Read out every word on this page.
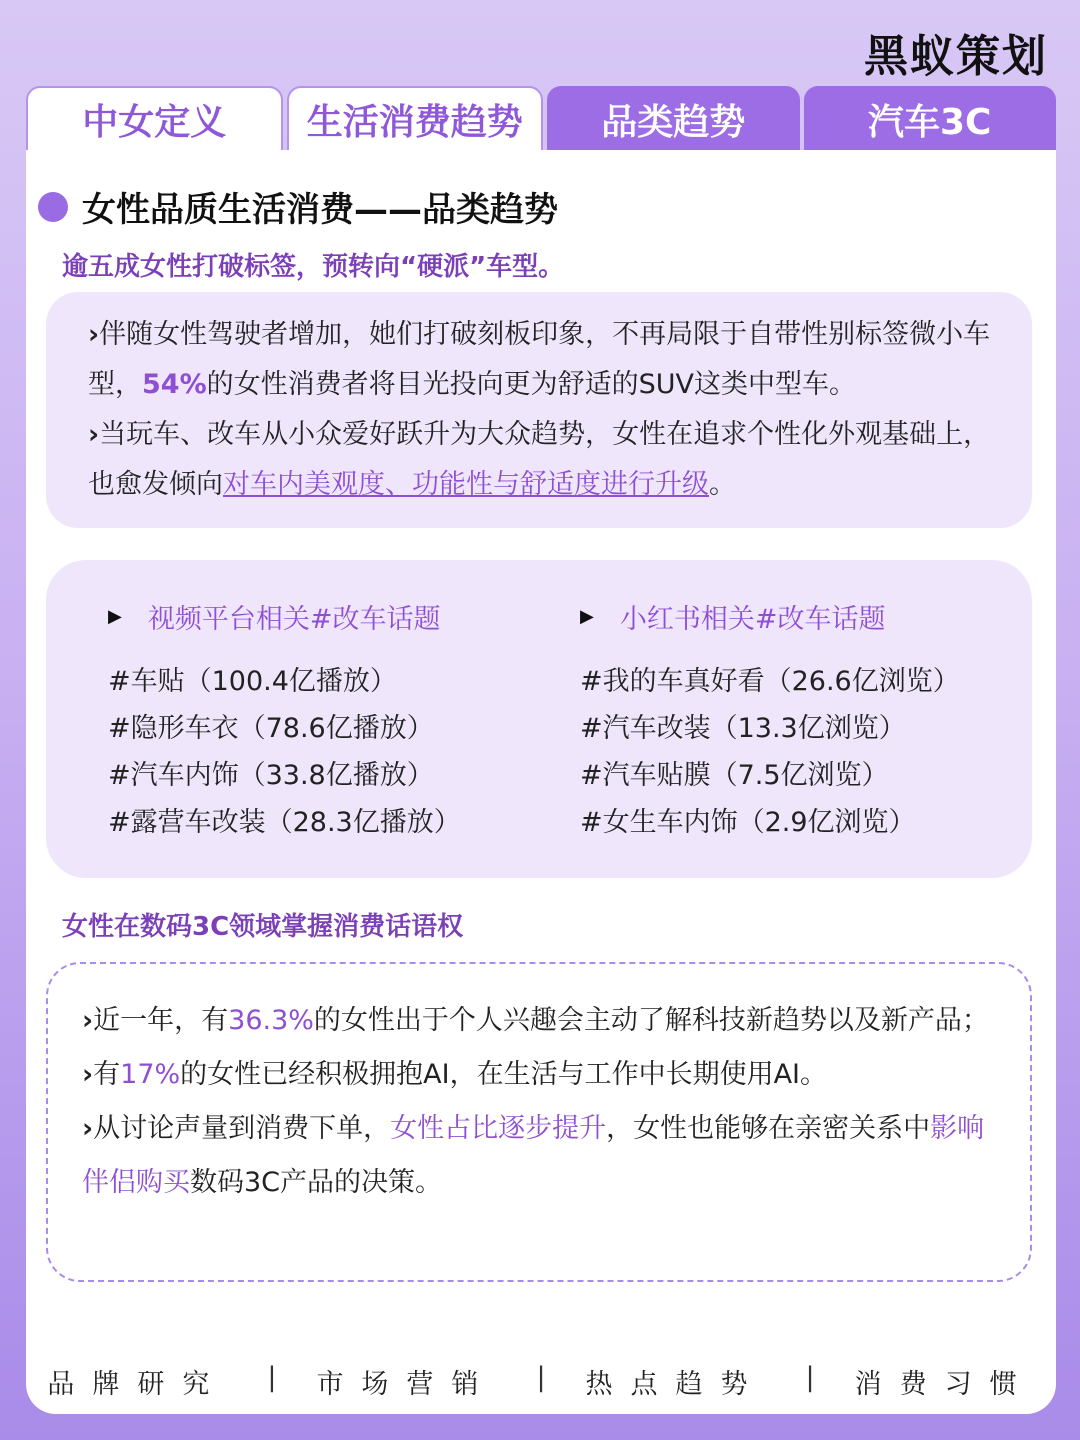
黑蚁策划
中女定义	生活消费趋势	品类趋势	汽车3C
女性品质生活消费——品类趋势
逾五成女性打破标签，预转向“硬派”车型。
›伴随女性驾驶者增加，她们打破刻板印象，不再局限于自带性别标签微小车型，54%的女性消费者将目光投向更为舒适的SUV这类中型车。
›当玩车、改车从小众爱好跃升为大众趋势，女性在追求个性化外观基础上，也愈发倾向对车内美观度、功能性与舒适度进行升级。
▶ 视频平台相关#改车话题
#车贴（100.4亿播放）
#隐形车衣（78.6亿播放）
#汽车内饰（33.8亿播放）
#露营车改装（28.3亿播放）
▶ 小红书相关#改车话题
#我的车真好看（26.6亿浏览）
#汽车改装（13.3亿浏览）
#汽车贴膜（7.5亿浏览）
#女生车内饰（2.9亿浏览）
女性在数码3C领域掌握消费话语权
›近一年，有36.3%的女性出于个人兴趣会主动了解科技新趋势以及新产品；
›有17%的女性已经积极拥抱AI，在生活与工作中长期使用AI。
›从讨论声量到消费下单，女性占比逐步提升，女性也能够在亲密关系中影响伴侣购买数码3C产品的决策。
品牌研究 | 市场营销 | 热点趋势 | 消费习惯
